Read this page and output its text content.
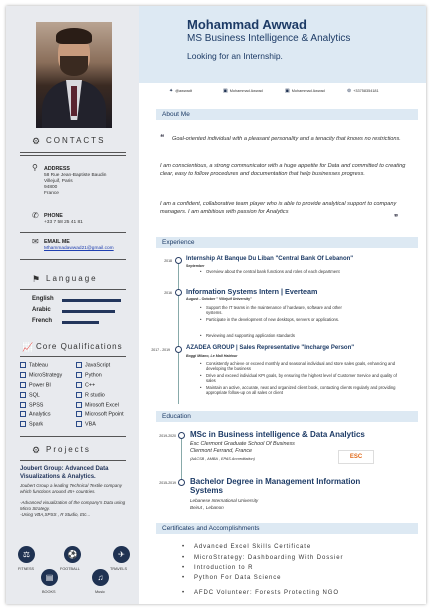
⚙ CONTACTS
⚲ ADDRESS
58 Rue Jean-Baptiste Baudin
Villejuif, Paris
94800
France
✆ PHONE
+33 7 58 25 41 81
✉ EMAIL ME
Mhammadawwad21@gmail.com
⚑ Language
English
Arabic
French
📈 Core Qualifications
Tableau
MicroStrategy
Power BI
SQL
SPSS
Analytics
Spark
JavaScript
Python
C++
R studio
Mirosoft Excel
Microsoft Ppoint
VBA
⚙ Projects
Joubert Group: Advanced Data Visualizations & Analytics.
Joubert Group a leading Technical Textile company which functions around 45+ countries.
-Advanced visualization of the company's Data using Micro Strategy.
-Using VBA,SPSS , R Studio, Etc...
⚖
FITNESS
⚽
FOOTBALL
✈
TRAVELS
▤
BOOKS
♫
Music
Mohammad Awwad
MS Business Intelligence & Analytics
Looking for an Internship.
✦ @awwadt	▣ Mohammad Awwad	▣ Mohammad Awwad	⊚ +33758354181
About Me
❝	Goal-oriented individual with a pleasant personality and a tenacity that knows no restrictions.
I am conscientious, a strong communicator with a huge appetite for Data and committed to creating clear, easy to follow procedures and documentation that help businesses progress.
I am a confident, collaborative team player who is able to provide analytical support to company managers. I am ambitious with passion for Analytics
❞
Experience
2018 Internship At Banque Du Liban "Central Bank Of Lebanon"
September
• Overview about the central bank functions and roles of each department
2016 Information Systems Intern | Everteam
August - October " Villejuif University"
• Support the IT teams in the maintenance of hardware, software and other systems.
• Participate in the development of new desktops, servers or applications.
• Reviewing and supporting application standards
2017 - 2019	AZADEA GROUP | Sales Representative "Incharge Person"
Boggi Milano, Le Mall Habtour
• Consistently achieve or exceed monthly and seasonal individual and store sales goals, enhancing and developing the business
• Drive and exceed individual KPI goals, by ensuring the highest level of Customer Service and quality of sales
• Maintain an active, accurate, neat and organized client book, contacting clients regularly and providing appropriate follow-up on all sales or client
Education
2019-2020 MSc in Business intelligence & Data Analytics
Esc Clermont Graduate School Of Business
Clermont Ferrand, France
(AACSB , AMBA , EPAS Accreditation)	ESC
2015-2019 Bachelor Degree in Management Information Systems
Lebanese International University
Beirut , Lebanon
Certificates and Accomplishments
• Advanced Excel Skills Certificate
• MicroStrategy: Dashboarding With Dossier
• Introduction to R
• Python For Data Science
• AFDC Volunteer: Forests Protecting NGO
